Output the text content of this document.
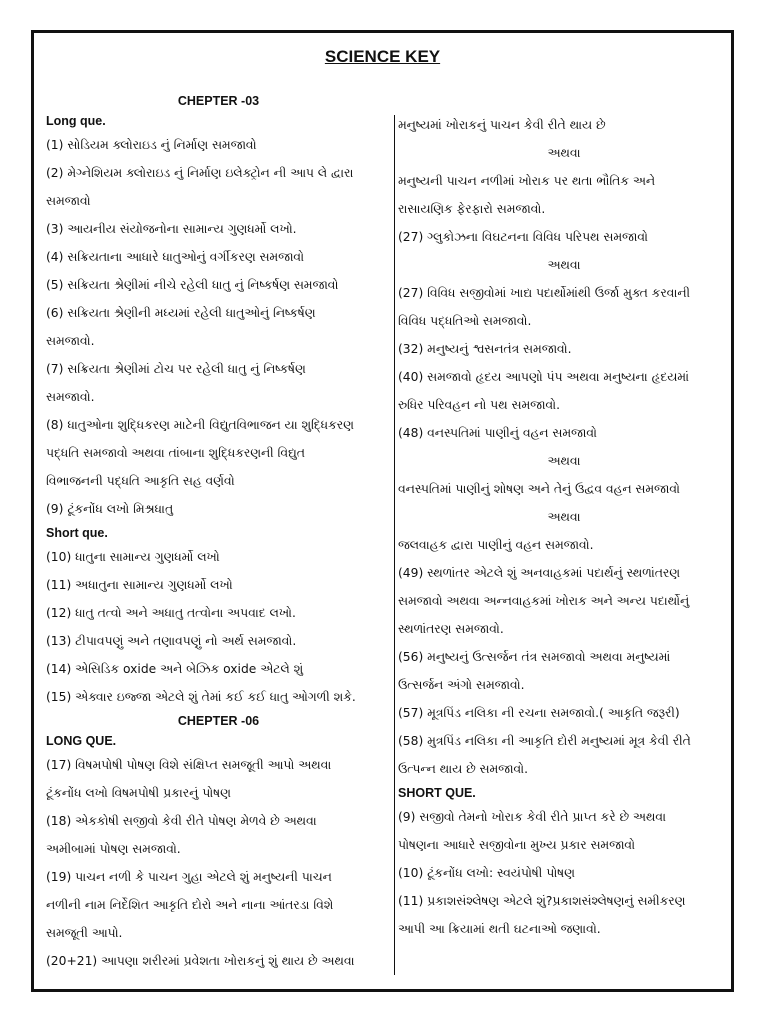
SCIENCE KEY
CHEPTER -03
Long que.
(1) સોડિયમ ક્લોરાઇડ નું નિર્માણ સમજાવો
(2) મેગ્નેશિયમ ક્લોરાઇડ નું નિર્માણ ઇલેક્ટ્રોન ની આપ લે દ્વારા
સમજાવો
(3) આયનીય સંયોજનોના સામાન્ય ગુણધર્મો લખો.
(4) સક્રિયતાના આધારે ધાતુઓનું વર્ગીકરણ સમજાવો
(5) સક્રિયતા શ્રેણીમાં નીચે રહેલી ધાતુ નું નિષ્કર્ષણ સમજાવો
(6) સક્રિયતા શ્રેણીની મધ્યમાં રહેલી ધાતુઓનું નિષ્કર્ષણ
સમજાવો.
(7) સક્રિયતા શ્રેણીમાં ટોચ પર રહેલી ધાતુ નું નિષ્કર્ષણ
સમજાવો.
(8) ધાતુઓના શુદ્ધિકરણ માટેની વિદ્યુતવિભાજન યા શુદ્ધિકરણ
પદ્ધતિ સમજાવો અથવા તાંબાના શુદ્ધિકરણની વિદ્યુત
વિભાજનની પદ્ધતિ આકૃતિ સહ વર્ણવો
(9) ટૂંકનોંધ લખો મિશ્રધાતુ
Short que.
(10) ધાતુના સામાન્ય ગુણધર્મો લખો
(11) અધાતુના સામાન્ય ગુણધર્મો લખો
(12) ધાતુ તત્વો અને અધાતુ તત્વોના અપવાદ લખો.
(13) ટીપાવપણું અને તણાવપણું નો અર્થ સમજાવો.
(14) એસિડિક oxide અને બેઝિક oxide એટલે શું
(15) એક્વાર ઇજ્જા એટલે શું તેમાં કઈ કઈ ધાતુ ઓગળી શકે.
CHEPTER -06
LONG QUE.
(17) વિષમપોષી પોષણ વિશે સંક્ષિપ્ત સમજૂતી આપો અથવા
ટૂંકનોંધ લખો વિષમપોષી પ્રકારનું પોષણ
(18) એકકોષી સજીવો કેવી રીતે પોષણ મેળવે છે અથવા
અમીબામાં પોષણ સમજાવો.
(19) પાચન નળી કે પાચન ગુહા એટલે શું મનુષ્યની પાચન
નળીની નામ નિર્દેશિત આકૃતિ દોરો અને નાના આંતરડા વિશે
સમજૂતી આપો.
(20+21) આપણા શરીરમાં પ્રવેશતા ખોરાકનું શું થાય છે અથવા
મનુષ્યમાં ખોરાકનું પાચન કેવી રીતે થાય છે
અથવા
મનુષ્યની પાચન નળીમાં ખોરાક પર થતા ભૌતિક અને
રાસાયણિક ફેરફારો સમજાવો.
(27) ગ્લુકોઝના વિઘટનના વિવિધ પરિપથ સમજાવો
અથવા
(27) વિવિધ સજીવોમાં ખાદ્ય પદાર્થોમાંથી ઉર્જા મુક્ત કરવાની
વિવિધ પદ્ધતિઓ સમજાવો.
(32) મનુષ્યનું શ્વસનતંત્ર સમજાવો.
(40) સમજાવો હૃદય આપણો પંપ અથવા મનુષ્યના હૃદયમાં
રુધિર પરિવહન નો પથ સમજાવો.
(48) વનસ્પતિમાં પાણીનું વહન સમજાવો
અથવા
વનસ્પતિમાં પાણીનું શોષણ અને તેનું ઉદ્વવ વહન સમજાવો
અથવા
જલવાહક દ્વારા પાણીનું વહન સમજાવો.
(49) સ્થળાંતર એટલે શું અનવાહકમાં પદાર્થનું સ્થળાંતરણ
સમજાવો અથવા અન્નવાહકમાં ખોરાક અને અન્ય પદાર્થોનું
સ્થળાંતરણ સમજાવો.
(56) મનુષ્યનું ઉત્સર્જન તંત્ર સમજાવો અથવા મનુષ્યમાં
ઉત્સર્જન અંગો સમજાવો.
(57) મૂત્રપિંડ નલિકા ની રચના સમજાવો.( આકૃતિ જરૂરી)
(58) મુત્રપિંડ નલિકા ની આકૃતિ દોરી મનુષ્યમાં મૂત્ર કેવી રીતે
ઉત્પન્ન થાય છે સમજાવો.
SHORT QUE.
(9) સજીવો તેમનો ખોરાક કેવી રીતે પ્રાપ્ત કરે છે અથવા
પોષણના આધારે સજીવોના મુખ્ય પ્રકાર સમજાવો
(10) ટૂંકનોંધ લખો: સ્વયંપોષી પોષણ
(11) પ્રકાશસંશ્લેષણ એટલે શું?પ્રકાશસંશ્લેષણનું સમીકરણ
આપી આ ક્રિયામાં થતી ઘટનાઓ જણાવો.
